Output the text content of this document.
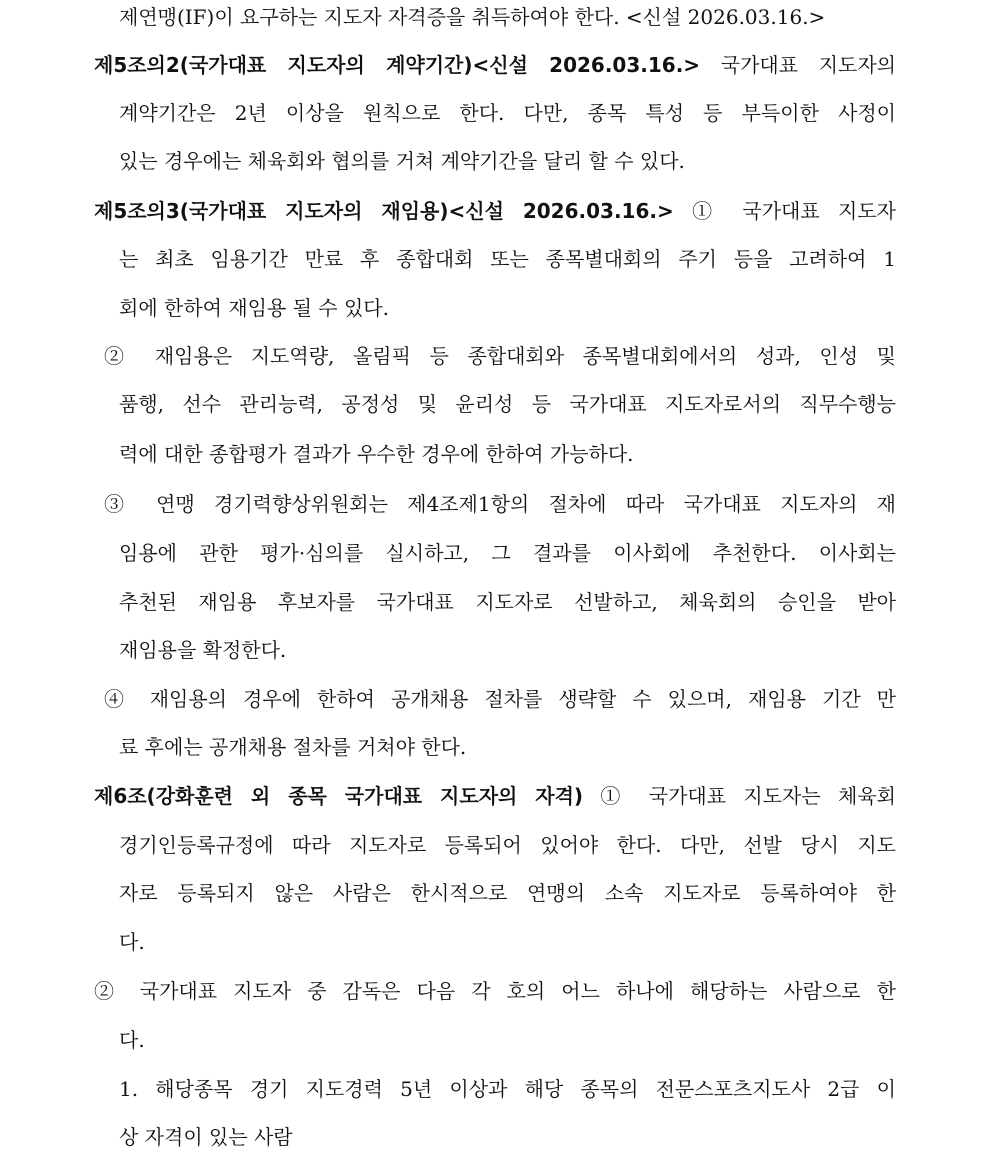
제연맹(IF)이 요구하는 지도자 자격증을 취득하여야 한다. <신설 2026.03.16.>
제5조의2(국가대표 지도자의 계약기간)<신설 2026.03.16.> 국가대표 지도자의
계약기간은 2년 이상을 원칙으로 한다. 다만, 종목 특성 등 부득이한 사정이
있는 경우에는 체육회와 협의를 거쳐 계약기간을 달리 할 수 있다.
제5조의3(국가대표 지도자의 재임용)<신설 2026.03.16.> ① 국가대표 지도자
는 최초 임용기간 만료 후 종합대회 또는 종목별대회의 주기 등을 고려하여 1
회에 한하여 재임용 될 수 있다.
② 재임용은 지도역량, 올림픽 등 종합대회와 종목별대회에서의 성과, 인성 및
품행, 선수 관리능력, 공정성 및 윤리성 등 국가대표 지도자로서의 직무수행능
력에 대한 종합평가 결과가 우수한 경우에 한하여 가능하다.
③ 연맹 경기력향상위원회는 제4조제1항의 절차에 따라 국가대표 지도자의 재
임용에 관한 평가·심의를 실시하고, 그 결과를 이사회에 추천한다. 이사회는
추천된 재임용 후보자를 국가대표 지도자로 선발하고, 체육회의 승인을 받아
재임용을 확정한다.
④ 재임용의 경우에 한하여 공개채용 절차를 생략할 수 있으며, 재임용 기간 만
료 후에는 공개채용 절차를 거쳐야 한다.
제6조(강화훈련 외 종목 국가대표 지도자의 자격) ① 국가대표 지도자는 체육회
경기인등록규정에 따라 지도자로 등록되어 있어야 한다. 다만, 선발 당시 지도
자로 등록되지 않은 사람은 한시적으로 연맹의 소속 지도자로 등록하여야 한
다.
② 국가대표 지도자 중 감독은 다음 각 호의 어느 하나에 해당하는 사람으로 한
다.
1. 해당종목 경기 지도경력 5년 이상과 해당 종목의 전문스포츠지도사 2급 이
상 자격이 있는 사람
